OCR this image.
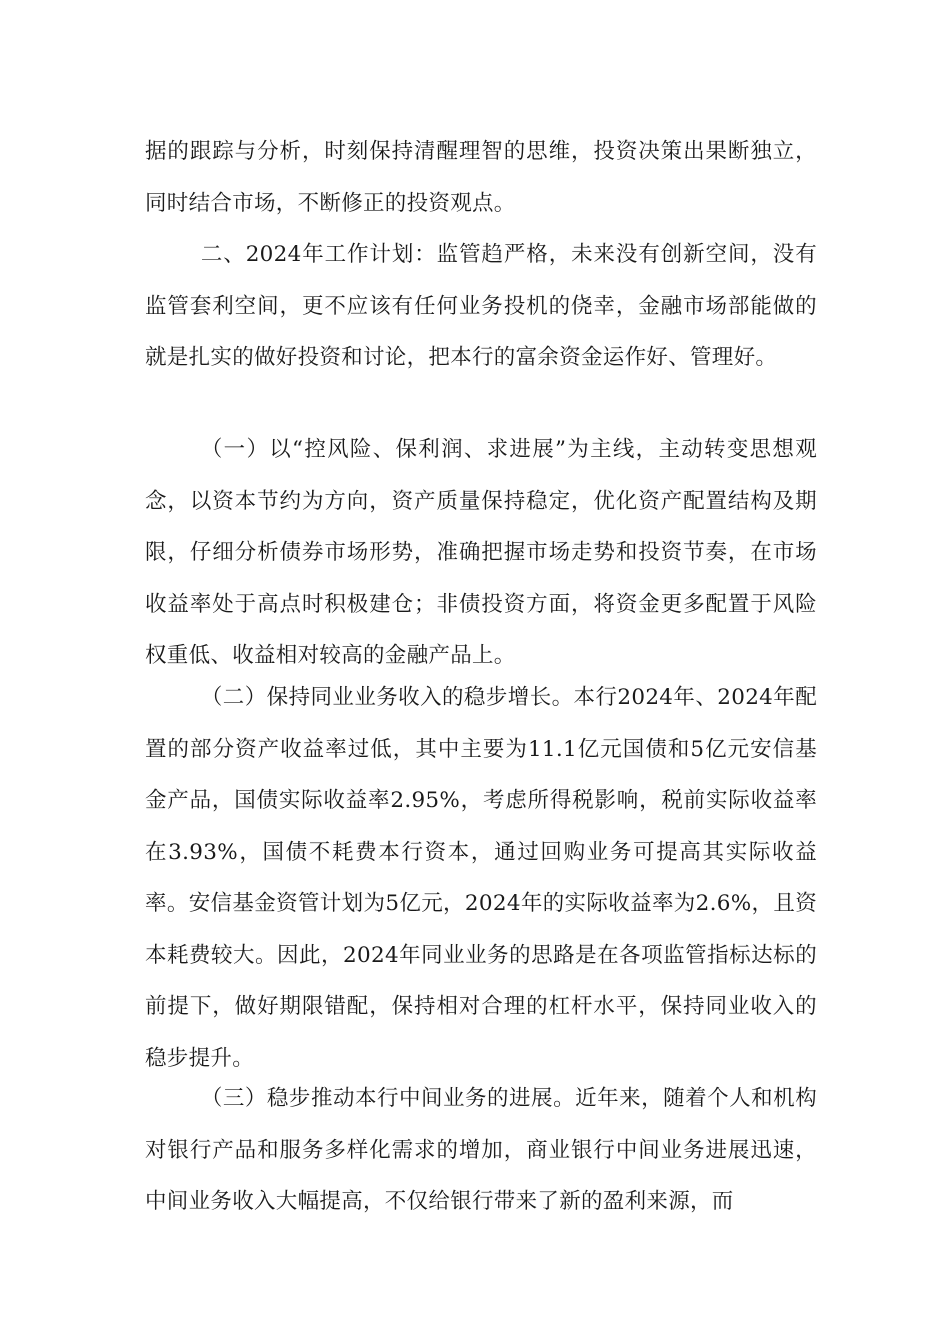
据的跟踪与分析，时刻保持清醒理智的思维，投资决策出果断独立，同时结合市场，不断修正的投资观点。

二、2024年工作计划：监管趋严格，未来没有创新空间，没有监管套利空间，更不应该有任何业务投机的侥幸，金融市场部能做的就是扎实的做好投资和讨论，把本行的富余资金运作好、管理好。

（一）以“控风险、保利润、求进展”为主线，主动转变思想观念，以资本节约为方向，资产质量保持稳定，优化资产配置结构及期限，仔细分析债券市场形势，准确把握市场走势和投资节奏，在市场收益率处于高点时积极建仓；非债投资方面，将资金更多配置于风险权重低、收益相对较高的金融产品上。

（二）保持同业业务收入的稳步增长。本行2024年、2024年配置的部分资产收益率过低，其中主要为11.1亿元国债和5亿元安信基金产品，国债实际收益率2.95%，考虑所得税影响，税前实际收益率在3.93%，国债不耗费本行资本，通过回购业务可提高其实际收益率。安信基金资管计划为5亿元，2024年的实际收益率为2.6%，且资本耗费较大。因此，2024年同业业务的思路是在各项监管指标达标的前提下，做好期限错配，保持相对合理的杠杆水平，保持同业收入的稳步提升。

（三）稳步推动本行中间业务的进展。近年来，随着个人和机构对银行产品和服务多样化需求的增加，商业银行中间业务进展迅速，中间业务收入大幅提高，不仅给银行带来了新的盈利来源，而
